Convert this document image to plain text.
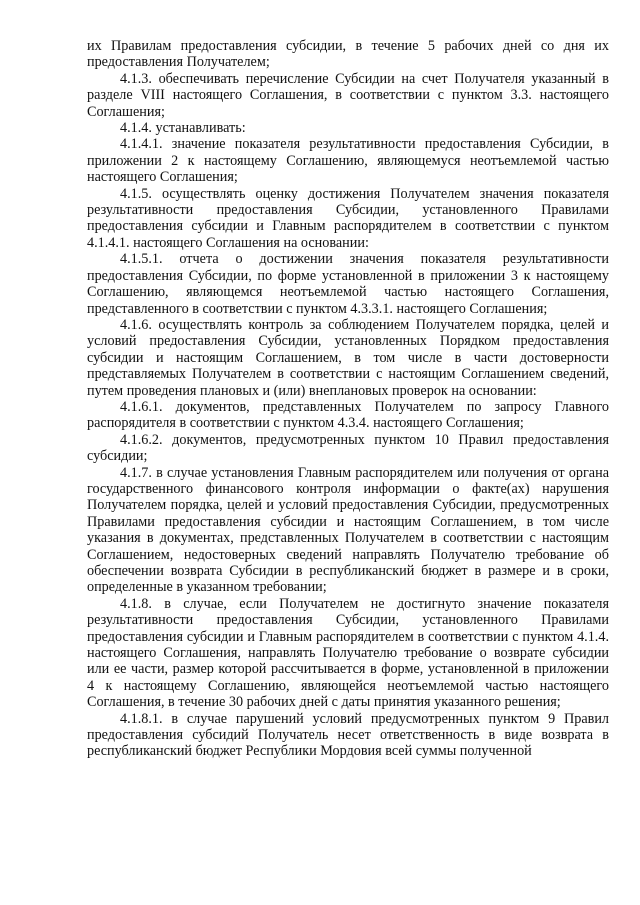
их Правилам предоставления субсидии, в течение 5 рабочих дней со дня их предоставления Получателем;

4.1.3. обеспечивать перечисление Субсидии на счет Получателя указанный в разделе VIII настоящего Соглашения, в соответствии с пунктом 3.3. настоящего Соглашения;

4.1.4. устанавливать:

4.1.4.1. значение показателя результативности предоставления Субсидии, в приложении 2 к настоящему Соглашению, являющемуся неотъемлемой частью настоящего Соглашения;

4.1.5. осуществлять оценку достижения Получателем значения показателя результативности предоставления Субсидии, установленного Правилами предоставления субсидии и Главным распорядителем в соответствии с пунктом 4.1.4.1. настоящего Соглашения на основании:

4.1.5.1. отчета о достижении значения показателя результативности предоставления Субсидии, по форме установленной в приложении 3 к настоящему Соглашению, являющемся неотъемлемой частью настоящего Соглашения, представленного в соответствии с пунктом 4.3.3.1. настоящего Соглашения;

4.1.6. осуществлять контроль за соблюдением Получателем порядка, целей и условий предоставления Субсидии, установленных Порядком предоставления субсидии и настоящим Соглашением, в том числе в части достоверности представляемых Получателем в соответствии с настоящим Соглашением сведений, путем проведения плановых и (или) внеплановых проверок на основании:

4.1.6.1. документов, представленных Получателем по запросу Главного распорядителя в соответствии с пунктом 4.3.4. настоящего Соглашения;

4.1.6.2. документов, предусмотренных пунктом 10 Правил предоставления субсидии;

4.1.7. в случае установления Главным распорядителем или получения от органа государственного финансового контроля информации о факте(ах) нарушения Получателем порядка, целей и условий предоставления Субсидии, предусмотренных Правилами предоставления субсидии и настоящим Соглашением, в том числе указания в документах, представленных Получателем в соответствии с настоящим Соглашением, недостоверных сведений направлять Получателю требование об обеспечении возврата Субсидии в республиканский бюджет в размере и в сроки, определенные в указанном требовании;

4.1.8. в случае, если Получателем не достигнуто значение показателя результативности предоставления Субсидии, установленного Правилами предоставления субсидии и Главным распорядителем в соответствии с пунктом 4.1.4. настоящего Соглашения, направлять Получателю требование о возврате субсидии или ее части, размер которой рассчитывается в форме, установленной в приложении 4 к настоящему Соглашению, являющейся неотъемлемой частью настоящего Соглашения, в течение 30 рабочих дней с даты принятия указанного решения;

4.1.8.1. в случае парушений условий предусмотренных пунктом 9 Правил предоставления субсидий Получатель несет ответственность в виде возврата в республиканский бюджет Республики Мордовия всей суммы полученной
